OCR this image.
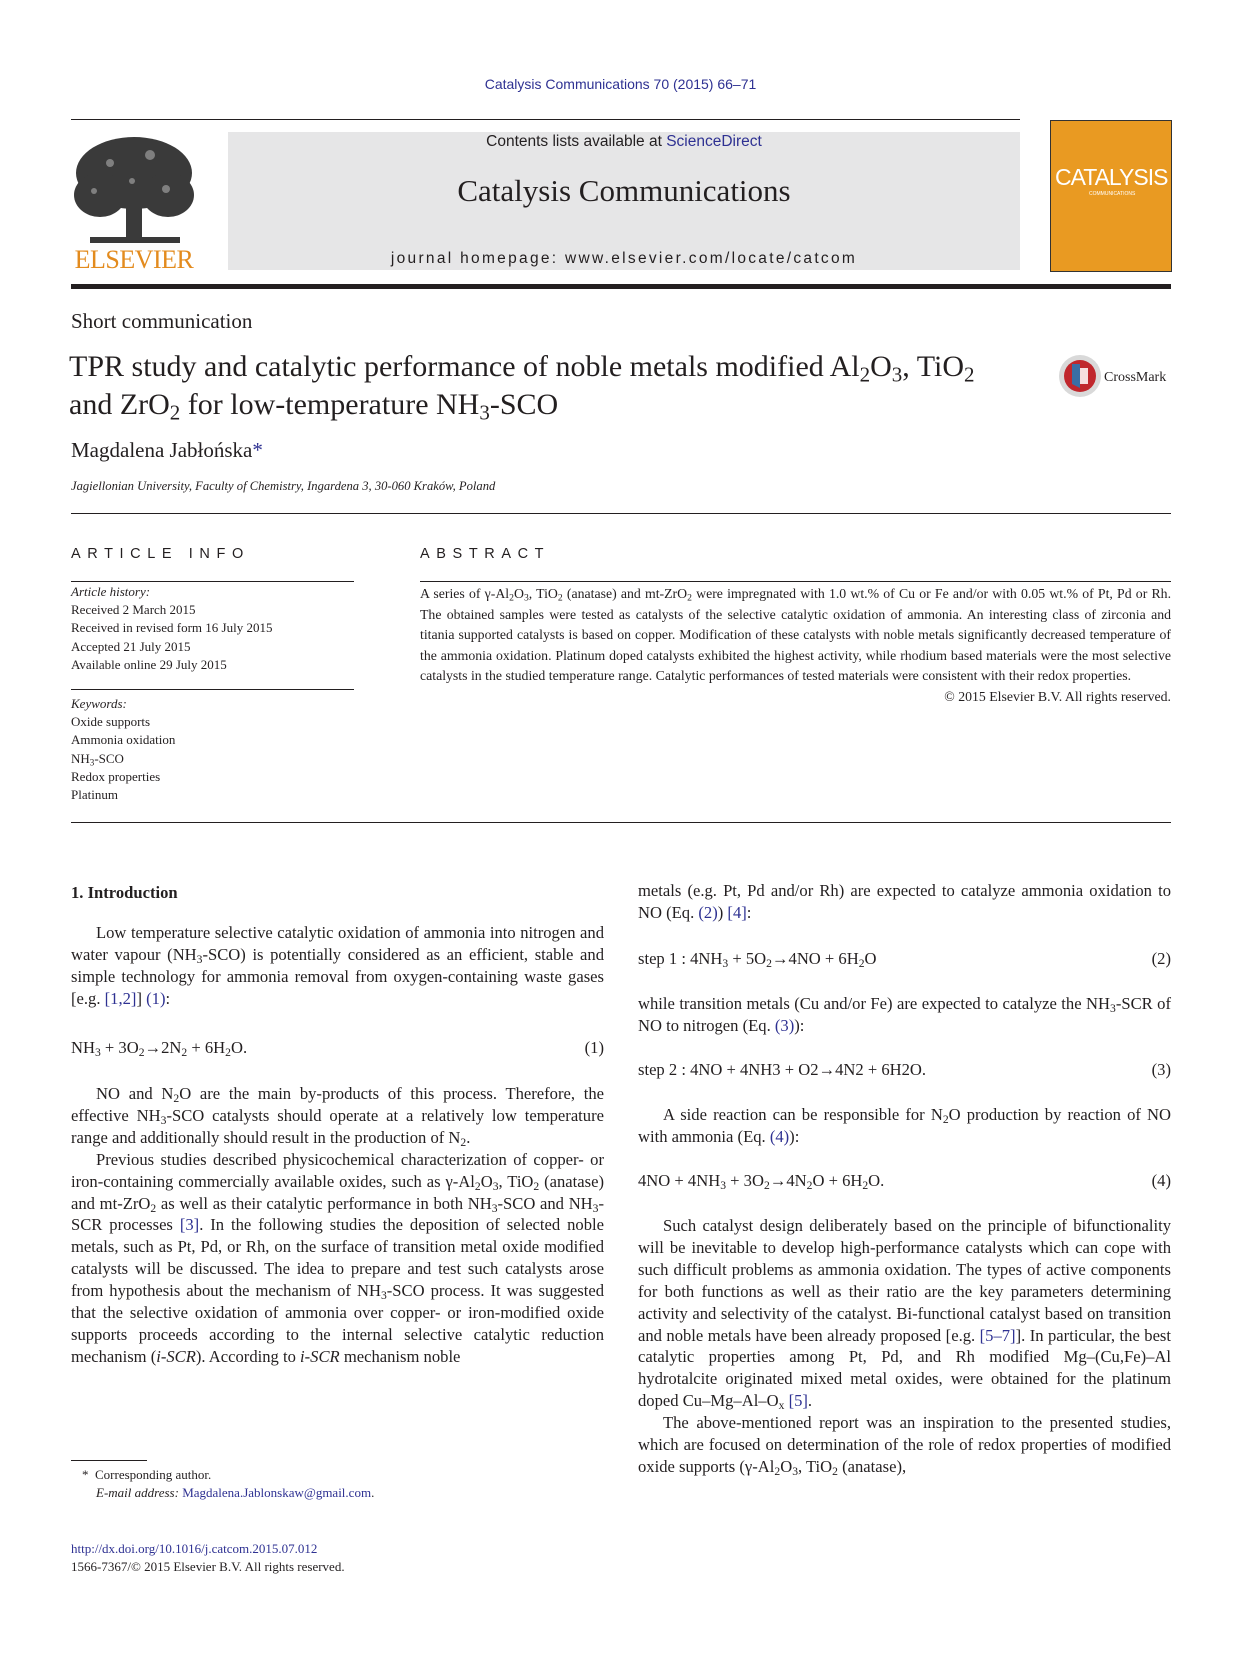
Catalysis Communications 70 (2015) 66–71
ELSEVIER
Contents lists available at ScienceDirect
Catalysis Communications
journal homepage: www.elsevier.com/locate/catcom
CATALYSIS
COMMUNICATIONS
Short communication
TPR study and catalytic performance of noble metals modified $Al_2O_3$, TiO$_2$
and ZrO$_2$ for low-temperature $NH_3$-SCO
CrossMark
Magdalena Jabłońska*
Jagiellonian University, Faculty of Chemistry, Ingardena 3, 30-060 Kraków, Poland
ARTICLE INFO	ABSTRACT
Article history:
Received 2 March 2015
Received in revised form 16 July 2015
Accepted 21 July 2015
Available online 29 July 2015
Keywords:
Oxide supports
Ammonia oxidation
$NH_3$-SCO
Redox properties
Platinum
A series of $\gamma-Al_2O_3$, TiO$_2$ (anatase) and mt-ZrO$_2$ were impregnated with 1.0 wt.% of Cu or Fe and/or with 0.05 wt.% of Pt, Pd or Rh. The obtained samples were tested as catalysts of the selective catalytic oxidation of ammonia. An interesting class of zirconia and titania supported catalysts is based on copper. Modification of these catalysts with noble metals significantly decreased temperature of the ammonia oxidation. Platinum doped catalysts exhibited the highest activity, while rhodium based materials were the most selective catalysts in the studied temperature range. Catalytic performances of tested materials were consistent with their redox properties.
© 2015 Elsevier B.V. All rights reserved.
1. Introduction

Low temperature selective catalytic oxidation of ammonia into nitrogen and water vapour $(NH_3-SCO)$ is potentially considered as an efficient, stable and simple technology for ammonia removal from oxygen-containing waste gases [e.g. [1,2]] (1):

$NH_3 + 3O_2\to 2N_2 + 6H_2O$.	(1)

NO and $N_2O$ are the main by-products of this process. Therefore, the effective $NH_3$-SCO catalysts should operate at a relatively low temperature range and additionally should result in the production of $N_2$.

Previous studies described physicochemical characterization of copper- or iron-containing commercially available oxides, such as $\gamma-Al_2O_3$, TiO$_2$ (anatase) and mt-ZrO$_2$ as well as their catalytic performance in both $NH_3$-SCO and $NH_3$-SCR processes [3]. In the following studies the deposition of selected noble metals, such as Pt, Pd, or Rh, on the surface of transition metal oxide modified catalysts will be discussed. The idea to prepare and test such catalysts arose from hypothesis about the mechanism of $NH_3$-SCO process. It was suggested that the selective oxidation of ammonia over copper- or iron-modified oxide supports proceeds according to the internal selective catalytic reduction mechanism (i-SCR). According to i-SCR mechanism noble

* Corresponding author.
E-mail address: Magdalena.Jablonskaw@gmail.com.
http://dx.doi.org/10.1016/j.catcom.2015.07.012
1566-7367/© 2015 Elsevier B.V. All rights reserved.

metals (e.g. Pt, Pd and/or Rh) are expected to catalyze ammonia oxidation to NO (Eq. (2)) [4]:

step 1 : $4NH_3 + 5O_2\to 4NO + 6H_2O$	(2)

while transition metals (Cu and/or Fe) are expected to catalyze the $NH_3$-SCR of NO to nitrogen (Eq. (3)):

step 2 : 4NO + 4NH3 + O2→4N2 + 6H2O.	(3)

A side reaction can be responsible for $N_2O$ production by reaction of NO with ammonia (Eq. (4)):

$4NO + 4NH_3 + 3O_2\to 4N_2O + 6H_2O$.	(4)

Such catalyst design deliberately based on the principle of bifunctionality will be inevitable to develop high-performance catalysts which can cope with such difficult problems as ammonia oxidation. The types of active components for both functions as well as their ratio are the key parameters determining activity and selectivity of the catalyst. Bi-functional catalyst based on transition and noble metals have been already proposed [e.g. [5–7]]. In particular, the best catalytic properties among Pt, Pd, and Rh modified Mg–(Cu,Fe)–Al hydrotalcite originated mixed metal oxides, were obtained for the platinum doped $Cu-Mg-Al-O_x$ [5].

The above-mentioned report was an inspiration to the presented studies, which are focused on determination of the role of redox properties of modified oxide supports ($\gamma-Al_2O_3$, TiO$_2$ (anatase),
